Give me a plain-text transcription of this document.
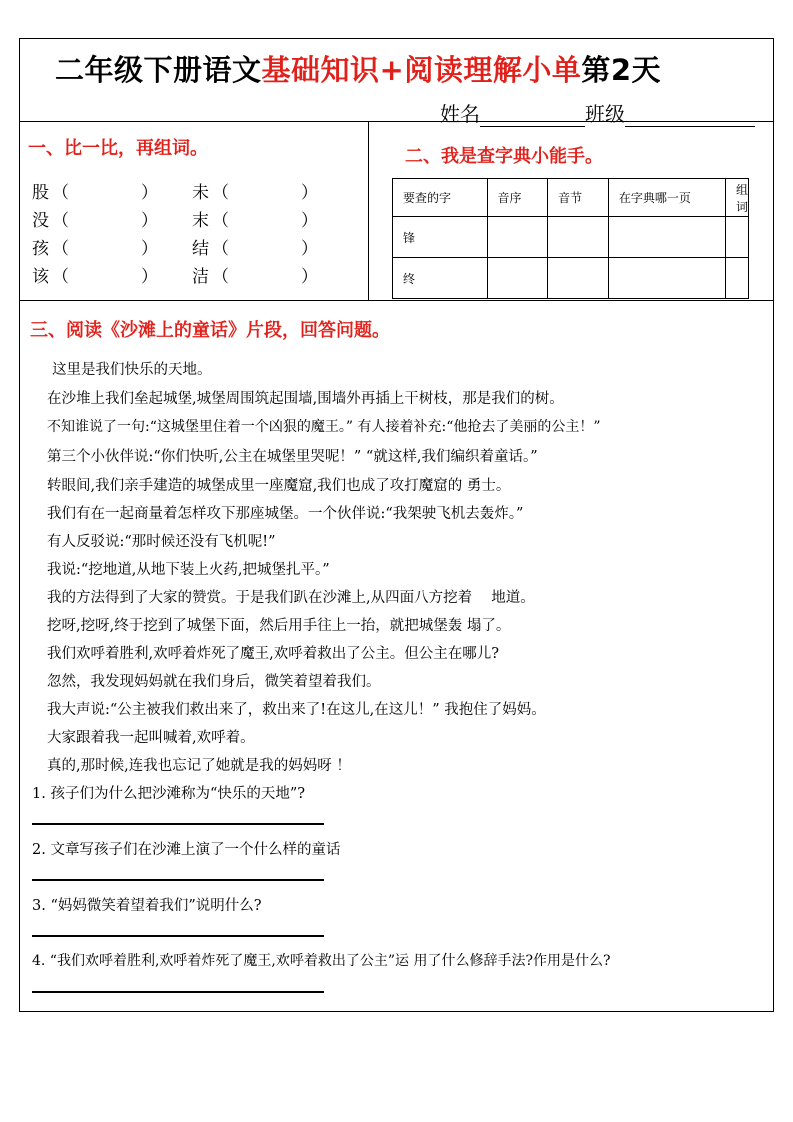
二年级下册语文基础知识+阅读理解小单第2天
姓名	班级
一、比一比，再组词。
股 （	） 未 （	）
没 （	） 末 （	）
孩 （	） 结 （	）
该 （	） 洁 （	）
二、我是查字典小能手。
要查的字	音序	音节	在字典哪一页	组词
锋				
终				
三、阅读《沙滩上的童话》片段，回答问题。
这里是我们快乐的天地。
在沙堆上我们垒起城堡,城堡周围筑起围墙,围墙外再插上干树枝，那是我们的树。
不知谁说了一句:“这城堡里住着一个凶狠的魔王。” 有人接着补充:“他抢去了美丽的公主！”
第三个小伙伴说:“你们快听,公主在城堡里哭呢！” “就这样,我们编织着童话。”
转眼间,我们亲手建造的城堡成里一座魔窟,我们也成了攻打魔窟的 勇士。
我们有在一起商量着怎样攻下那座城堡。一个伙伴说:“我架驶飞机去轰炸。”
有人反驳说:“那时候还没有飞机呢!”
我说:“挖地道,从地下装上火药,把城堡扎平。”
我的方法得到了大家的赞赏。于是我们趴在沙滩上,从四面八方挖着　 地道。
挖呀,挖呀,终于挖到了城堡下面，然后用手往上一抬，就把城堡轰 塌了。
我们欢呼着胜利,欢呼着炸死了魔王,欢呼着救出了公主。但公主在哪儿?
忽然，我发现妈妈就在我们身后，微笑着望着我们。
我大声说:“公主被我们救出来了，救出来了!在这儿,在这儿！” 我抱住了妈妈。
大家跟着我一起叫喊着,欢呼着。
真的,那时候,连我也忘记了她就是我的妈妈呀 ！
1. 孩子们为什么把沙滩称为“快乐的天地”?
2. 文章写孩子们在沙滩上演了一个什么样的童话
3. “妈妈微笑着望着我们”说明什么?
4. “我们欢呼着胜利,欢呼着炸死了魔王,欢呼着救出了公主”运 用了什么修辞手法?作用是什么?
